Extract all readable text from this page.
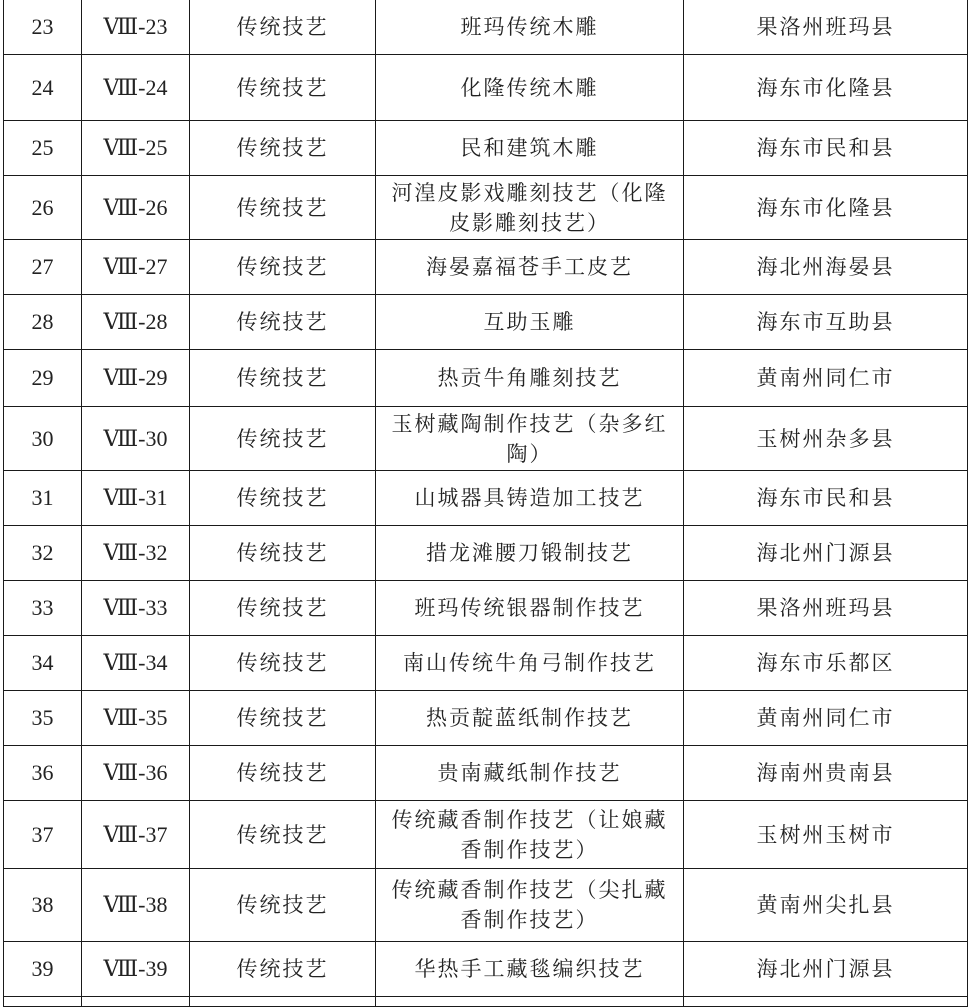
23	Ⅷ-23	传统技艺	班玛传统木雕	果洛州班玛县
24	Ⅷ-24	传统技艺	化隆传统木雕	海东市化隆县
25	Ⅷ-25	传统技艺	民和建筑木雕	海东市民和县
26	Ⅷ-26	传统技艺	河湟皮影戏雕刻技艺（化隆皮影雕刻技艺）	海东市化隆县
27	Ⅷ-27	传统技艺	海晏嘉福苍手工皮艺	海北州海晏县
28	Ⅷ-28	传统技艺	互助玉雕	海东市互助县
29	Ⅷ-29	传统技艺	热贡牛角雕刻技艺	黄南州同仁市
30	Ⅷ-30	传统技艺	玉树藏陶制作技艺（杂多红陶）	玉树州杂多县
31	Ⅷ-31	传统技艺	山城器具铸造加工技艺	海东市民和县
32	Ⅷ-32	传统技艺	措龙滩腰刀锻制技艺	海北州门源县
33	Ⅷ-33	传统技艺	班玛传统银器制作技艺	果洛州班玛县
34	Ⅷ-34	传统技艺	南山传统牛角弓制作技艺	海东市乐都区
35	Ⅷ-35	传统技艺	热贡靛蓝纸制作技艺	黄南州同仁市
36	Ⅷ-36	传统技艺	贵南藏纸制作技艺	海南州贵南县
37	Ⅷ-37	传统技艺	传统藏香制作技艺（让娘藏香制作技艺）	玉树州玉树市
38	Ⅷ-38	传统技艺	传统藏香制作技艺（尖扎藏香制作技艺）	黄南州尖扎县
39	Ⅷ-39	传统技艺	华热手工藏毯编织技艺	海北州门源县
